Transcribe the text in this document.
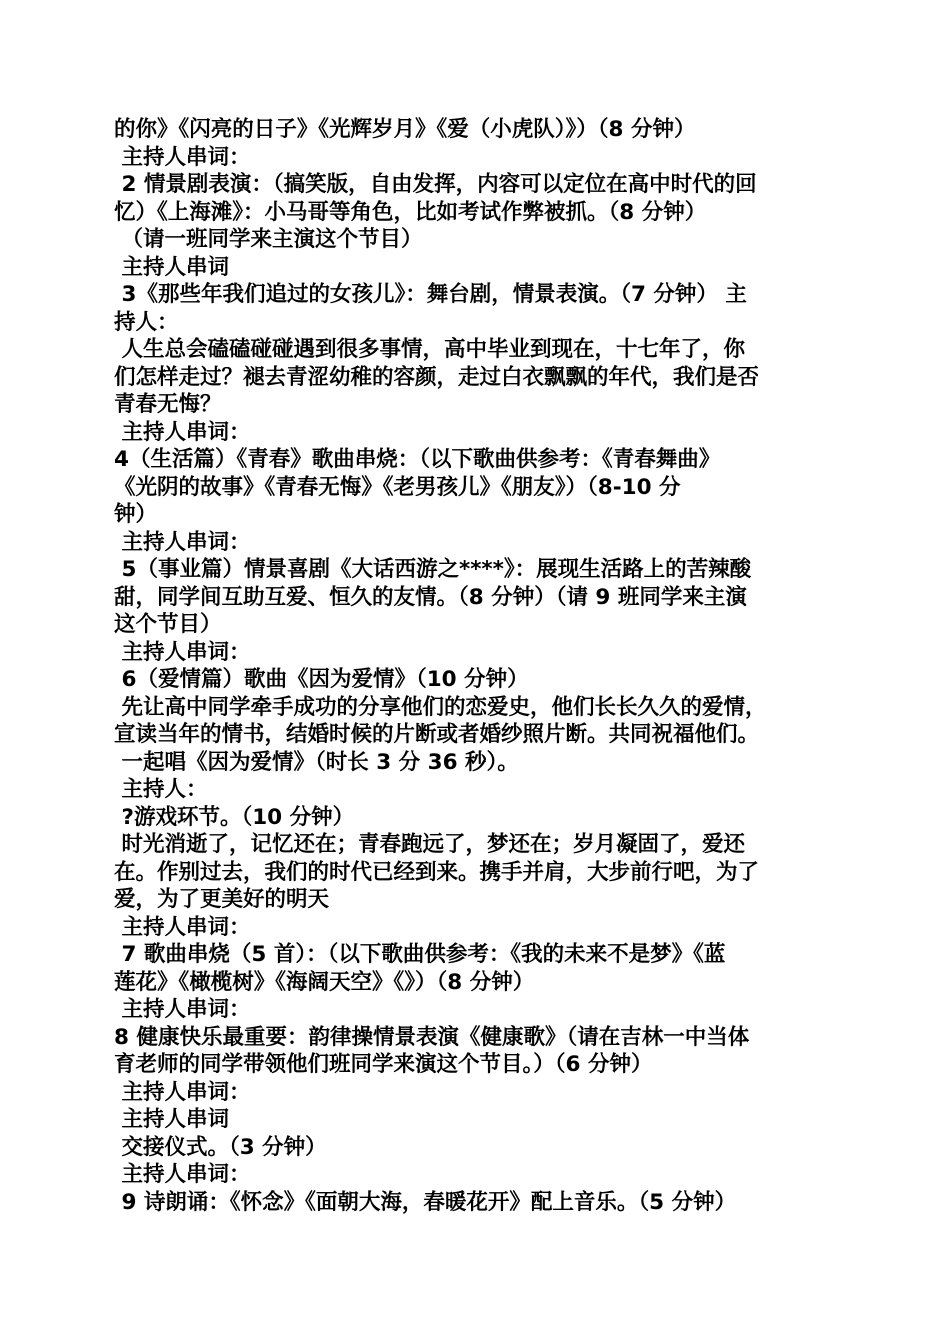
的你》《闪亮的日子》《光辉岁月》《爱（小虎队）》）（8 分钟）
主持人串词：
2 情景剧表演：（搞笑版，自由发挥，内容可以定位在高中时代的回
忆）《上海滩》：小马哥等角色，比如考试作弊被抓。（8 分钟）
（请一班同学来主演这个节目）
主持人串词
3《那些年我们追过的女孩儿》：舞台剧，情景表演。（7 分钟） 主
持人：
人生总会磕磕碰碰遇到很多事情，高中毕业到现在，十七年了，你
们怎样走过？褪去青涩幼稚的容颜，走过白衣飘飘的年代，我们是否
青春无悔？
主持人串词：
4（生活篇）《青春》歌曲串烧：（以下歌曲供参考：《青春舞曲》
《光阴的故事》《青春无悔》《老男孩儿》《朋友》）（8-10 分
钟）
主持人串词：
5（事业篇）情景喜剧《大话西游之****》：展现生活路上的苦辣酸
甜，同学间互助互爱、恒久的友情。（8 分钟）（请 9 班同学来主演
这个节目）
主持人串词：
6（爱情篇）歌曲《因为爱情》（10 分钟）
先让高中同学牵手成功的分享他们的恋爱史，他们长长久久的爱情，
宣读当年的情书，结婚时候的片断或者婚纱照片断。共同祝福他们。
一起唱《因为爱情》（时长 3 分 36 秒）。
主持人：
?游戏环节。（10 分钟）
时光消逝了，记忆还在；青春跑远了，梦还在；岁月凝固了，爱还
在。作别过去，我们的时代已经到来。携手并肩，大步前行吧，为了
爱，为了更美好的明天
主持人串词：
7 歌曲串烧（5 首）：（以下歌曲供参考：《我的未来不是梦》《蓝
莲花》《橄榄树》《海阔天空》《》）（8 分钟）
主持人串词：
8 健康快乐最重要：韵律操情景表演《健康歌》（请在吉林一中当体
育老师的同学带领他们班同学来演这个节目。）（6 分钟）
主持人串词：
主持人串词
交接仪式。（3 分钟）
主持人串词：
9 诗朗诵：《怀念》《面朝大海，春暖花开》配上音乐。（5 分钟）
